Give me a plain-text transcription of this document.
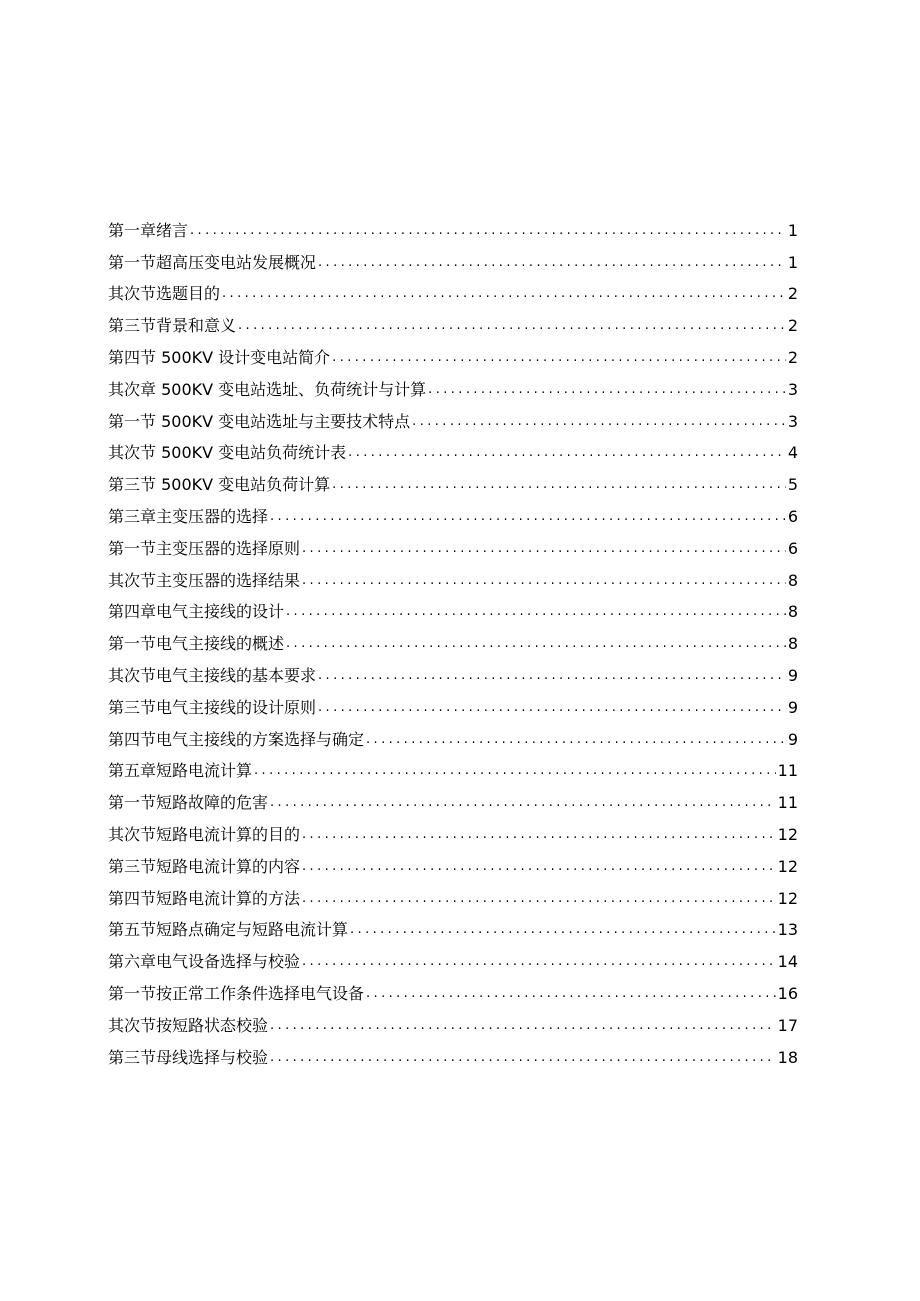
第一章绪言 .....	1
第一节超高压变电站发展概况 .....	1
其次节选题目的 .....	2
第三节背景和意义 .....	2
第四节 500KV 设计变电站简介 .....	2
其次章 500KV 变电站选址、负荷统计与计算 .....	3
第一节 500KV 变电站选址与主要技术特点 .....	3
其次节 500KV 变电站负荷统计表 .....	4
第三节 500KV 变电站负荷计算 .....	5
第三章主变压器的选择 .....	6
第一节主变压器的选择原则 .....	6
其次节主变压器的选择结果 .....	8
第四章电气主接线的设计 .....	8
第一节电气主接线的概述 .....	8
其次节电气主接线的基本要求 .....	9
第三节电气主接线的设计原则 .....	9
第四节电气主接线的方案选择与确定 .....	9
第五章短路电流计算 .....	11
第一节短路故障的危害 .....	11
其次节短路电流计算的目的 .....	12
第三节短路电流计算的内容 .....	12
第四节短路电流计算的方法 .....	12
第五节短路点确定与短路电流计算 .....	13
第六章电气设备选择与校验 .....	14
第一节按正常工作条件选择电气设备 .....	16
其次节按短路状态校验 .....	17
第三节母线选择与校验 .....	18
